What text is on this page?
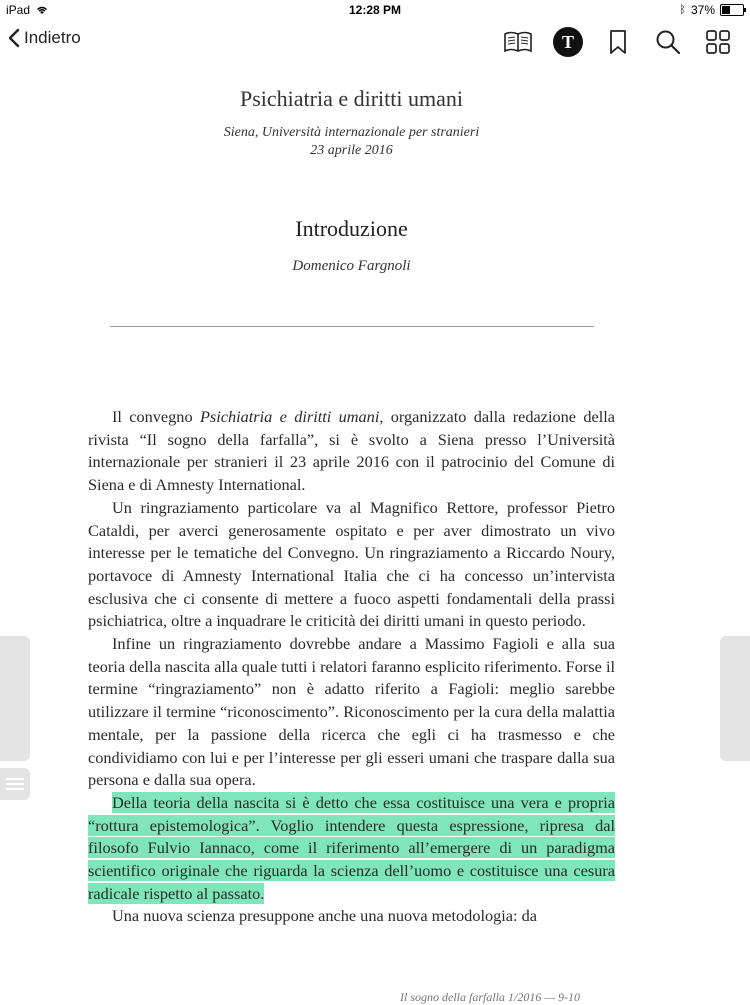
iPad	12:28 PM	ᛒ 37%
Indietro	T
Psichiatria e diritti umani
Siena, Università internazionale per stranieri
23 aprile 2016
Introduzione
Domenico Fargnoli

Il convegno Psichiatria e diritti umani, organizzato dalla redazione della rivista “Il sogno della farfalla”, si è svolto a Siena presso l’Università internazionale per stranieri il 23 aprile 2016 con il patrocinio del Comune di Siena e di Amnesty International.

Un ringraziamento particolare va al Magnifico Rettore, professor Pietro Cataldi, per averci generosamente ospitato e per aver dimostrato un vivo interesse per le tematiche del Convegno. Un ringraziamento a Riccardo Noury, portavoce di Amnesty International Italia che ci ha concesso un’intervista esclusiva che ci consente di mettere a fuoco aspetti fondamentali della prassi psichiatrica, oltre a inquadrare le criticità dei diritti umani in questo periodo.

Infine un ringraziamento dovrebbe andare a Massimo Fagioli e alla sua teoria della nascita alla quale tutti i relatori faranno esplicito riferimento. Forse il termine “ringraziamento” non è adatto riferito a Fagioli: meglio sarebbe utilizzare il termine “riconoscimento”. Riconoscimento per la cura della malattia mentale, per la passione della ricerca che egli ci ha trasmesso e che condividiamo con lui e per l’interesse per gli esseri umani che traspare dalla sua persona e dalla sua opera.

Della teoria della nascita si è detto che essa costituisce una vera e propria “rottura epistemologica”. Voglio intendere questa espressione, ripresa dal filosofo Fulvio Iannaco, come il riferimento all’emergere di un paradigma scientifico originale che riguarda la scienza dell’uomo e costituisce una cesura radicale rispetto al passato.

Una nuova scienza presuppone anche una nuova metodologia: da

Il sogno della farfalla 1/2016 — 9-10
